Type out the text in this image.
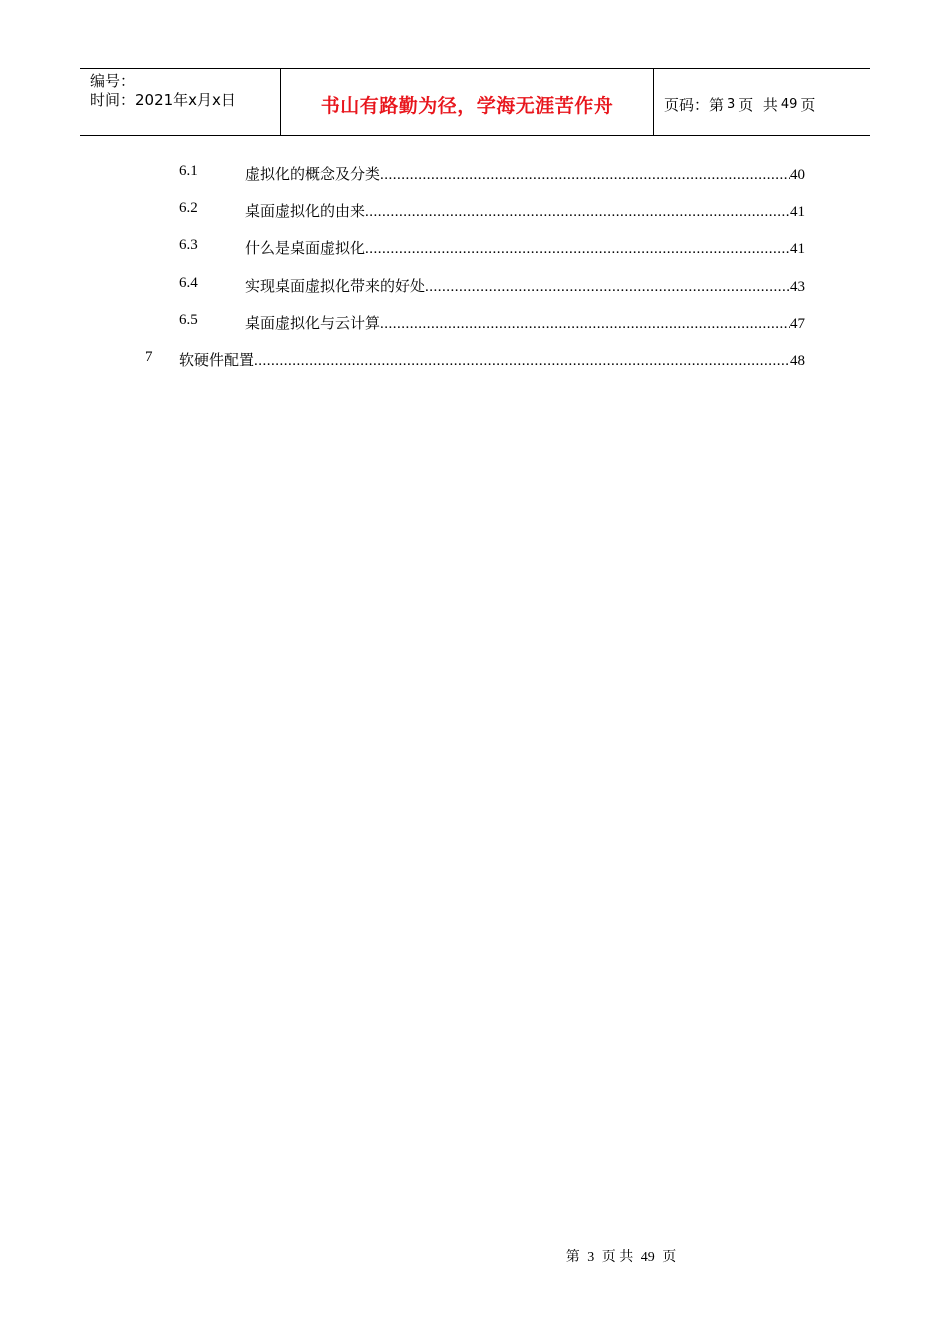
编号：
时间：2021年x月x日	书山有路勤为径，学海无涯苦作舟	页码：第 3 页  共 49 页
6.1	虚拟化的概念及分类 .....	40
6.2	桌面虚拟化的由来 .....	41
6.3	什么是桌面虚拟化 .....	41
6.4	实现桌面虚拟化带来的好处 .....	43
6.5	桌面虚拟化与云计算 .....	47
7 软硬件配置 .....	48
第 3 页 共 49 页
